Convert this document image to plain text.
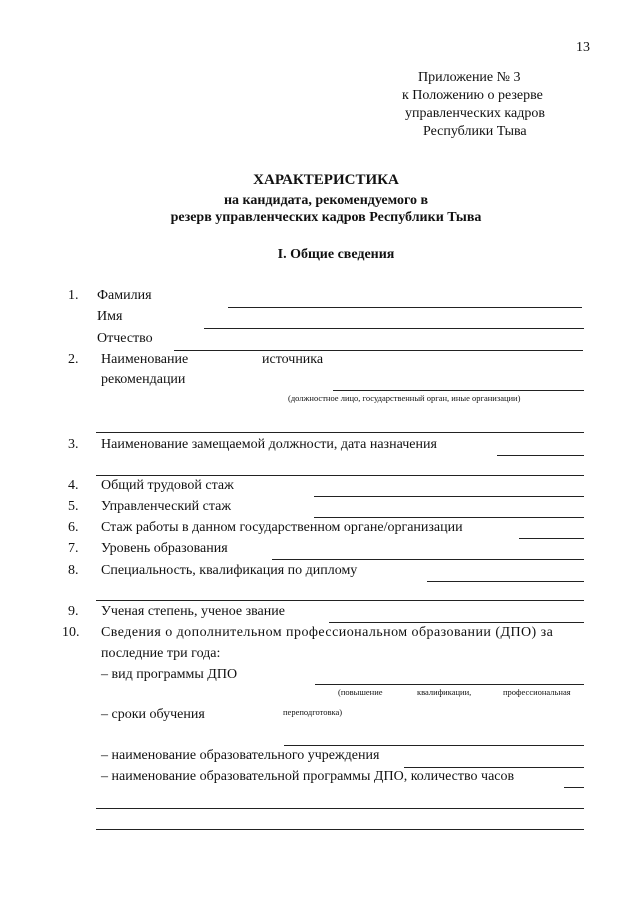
13
Приложение № 3
к Положению о резерве
управленческих кадров
Республики Тыва
ХАРАКТЕРИСТИКА
на кандидата, рекомендуемого в
резерв управленческих кадров Республики Тыва
I. Общие сведения
1. Фамилия
Имя
Отчество
2. Наименование	источника
рекомендации
(должностное лицо, государственный орган, иные организации)
3. Наименование замещаемой должности, дата назначения
4. Общий трудовой стаж
5. Управленческий стаж
6. Стаж работы в данном государственном органе/организации
7. Уровень образования
8. Специальность, квалификация по диплому
9. Ученая степень, ученое звание
10. Сведения о дополнительном профессиональном образовании (ДПО) за
последние три года:
– вид программы ДПО
(повышение	квалификации,	профессиональная
переподготовка)
– сроки обучения
– наименование образовательного учреждения
– наименование образовательной программы ДПО, количество часов
